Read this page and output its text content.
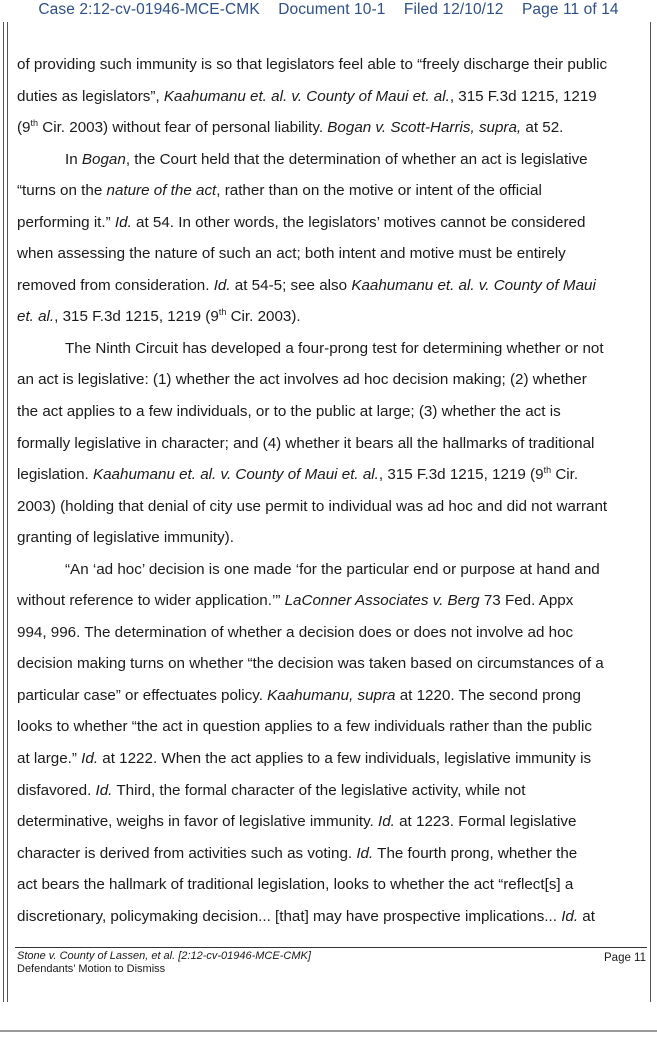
Case 2:12-cv-01946-MCE-CMK Document 10-1 Filed 12/10/12 Page 11 of 14
of providing such immunity is so that legislators feel able to “freely discharge their public
duties as legislators”, Kaahumanu et. al. v. County of Maui et. al., 315 F.3d 1215, 1219
(9th Cir. 2003) without fear of personal liability. Bogan v. Scott-Harris, supra, at 52.
In Bogan, the Court held that the determination of whether an act is legislative
“turns on the nature of the act, rather than on the motive or intent of the official
performing it.” Id. at 54. In other words, the legislators’ motives cannot be considered
when assessing the nature of such an act; both intent and motive must be entirely
removed from consideration. Id. at 54-5; see also Kaahumanu et. al. v. County of Maui
et. al., 315 F.3d 1215, 1219 (9th Cir. 2003).
The Ninth Circuit has developed a four-prong test for determining whether or not
an act is legislative: (1) whether the act involves ad hoc decision making; (2) whether
the act applies to a few individuals, or to the public at large; (3) whether the act is
formally legislative in character; and (4) whether it bears all the hallmarks of traditional
legislation. Kaahumanu et. al. v. County of Maui et. al., 315 F.3d 1215, 1219 (9th Cir.
2003) (holding that denial of city use permit to individual was ad hoc and did not warrant
granting of legislative immunity).
“An ‘ad hoc’ decision is one made ‘for the particular end or purpose at hand and
without reference to wider application.’” LaConner Associates v. Berg 73 Fed. Appx
994, 996. The determination of whether a decision does or does not involve ad hoc
decision making turns on whether “the decision was taken based on circumstances of a
particular case” or effectuates policy. Kaahumanu, supra at 1220. The second prong
looks to whether “the act in question applies to a few individuals rather than the public
at large.” Id. at 1222. When the act applies to a few individuals, legislative immunity is
disfavored. Id. Third, the formal character of the legislative activity, while not
determinative, weighs in favor of legislative immunity. Id. at 1223. Formal legislative
character is derived from activities such as voting. Id. The fourth prong, whether the
act bears the hallmark of traditional legislation, looks to whether the act “reflect[s] a
discretionary, policymaking decision... [that] may have prospective implications... Id. at
Stone v. County of Lassen, et al. [2:12-cv-01946-MCE-CMK]
Defendants’ Motion to Dismiss
Page 11
